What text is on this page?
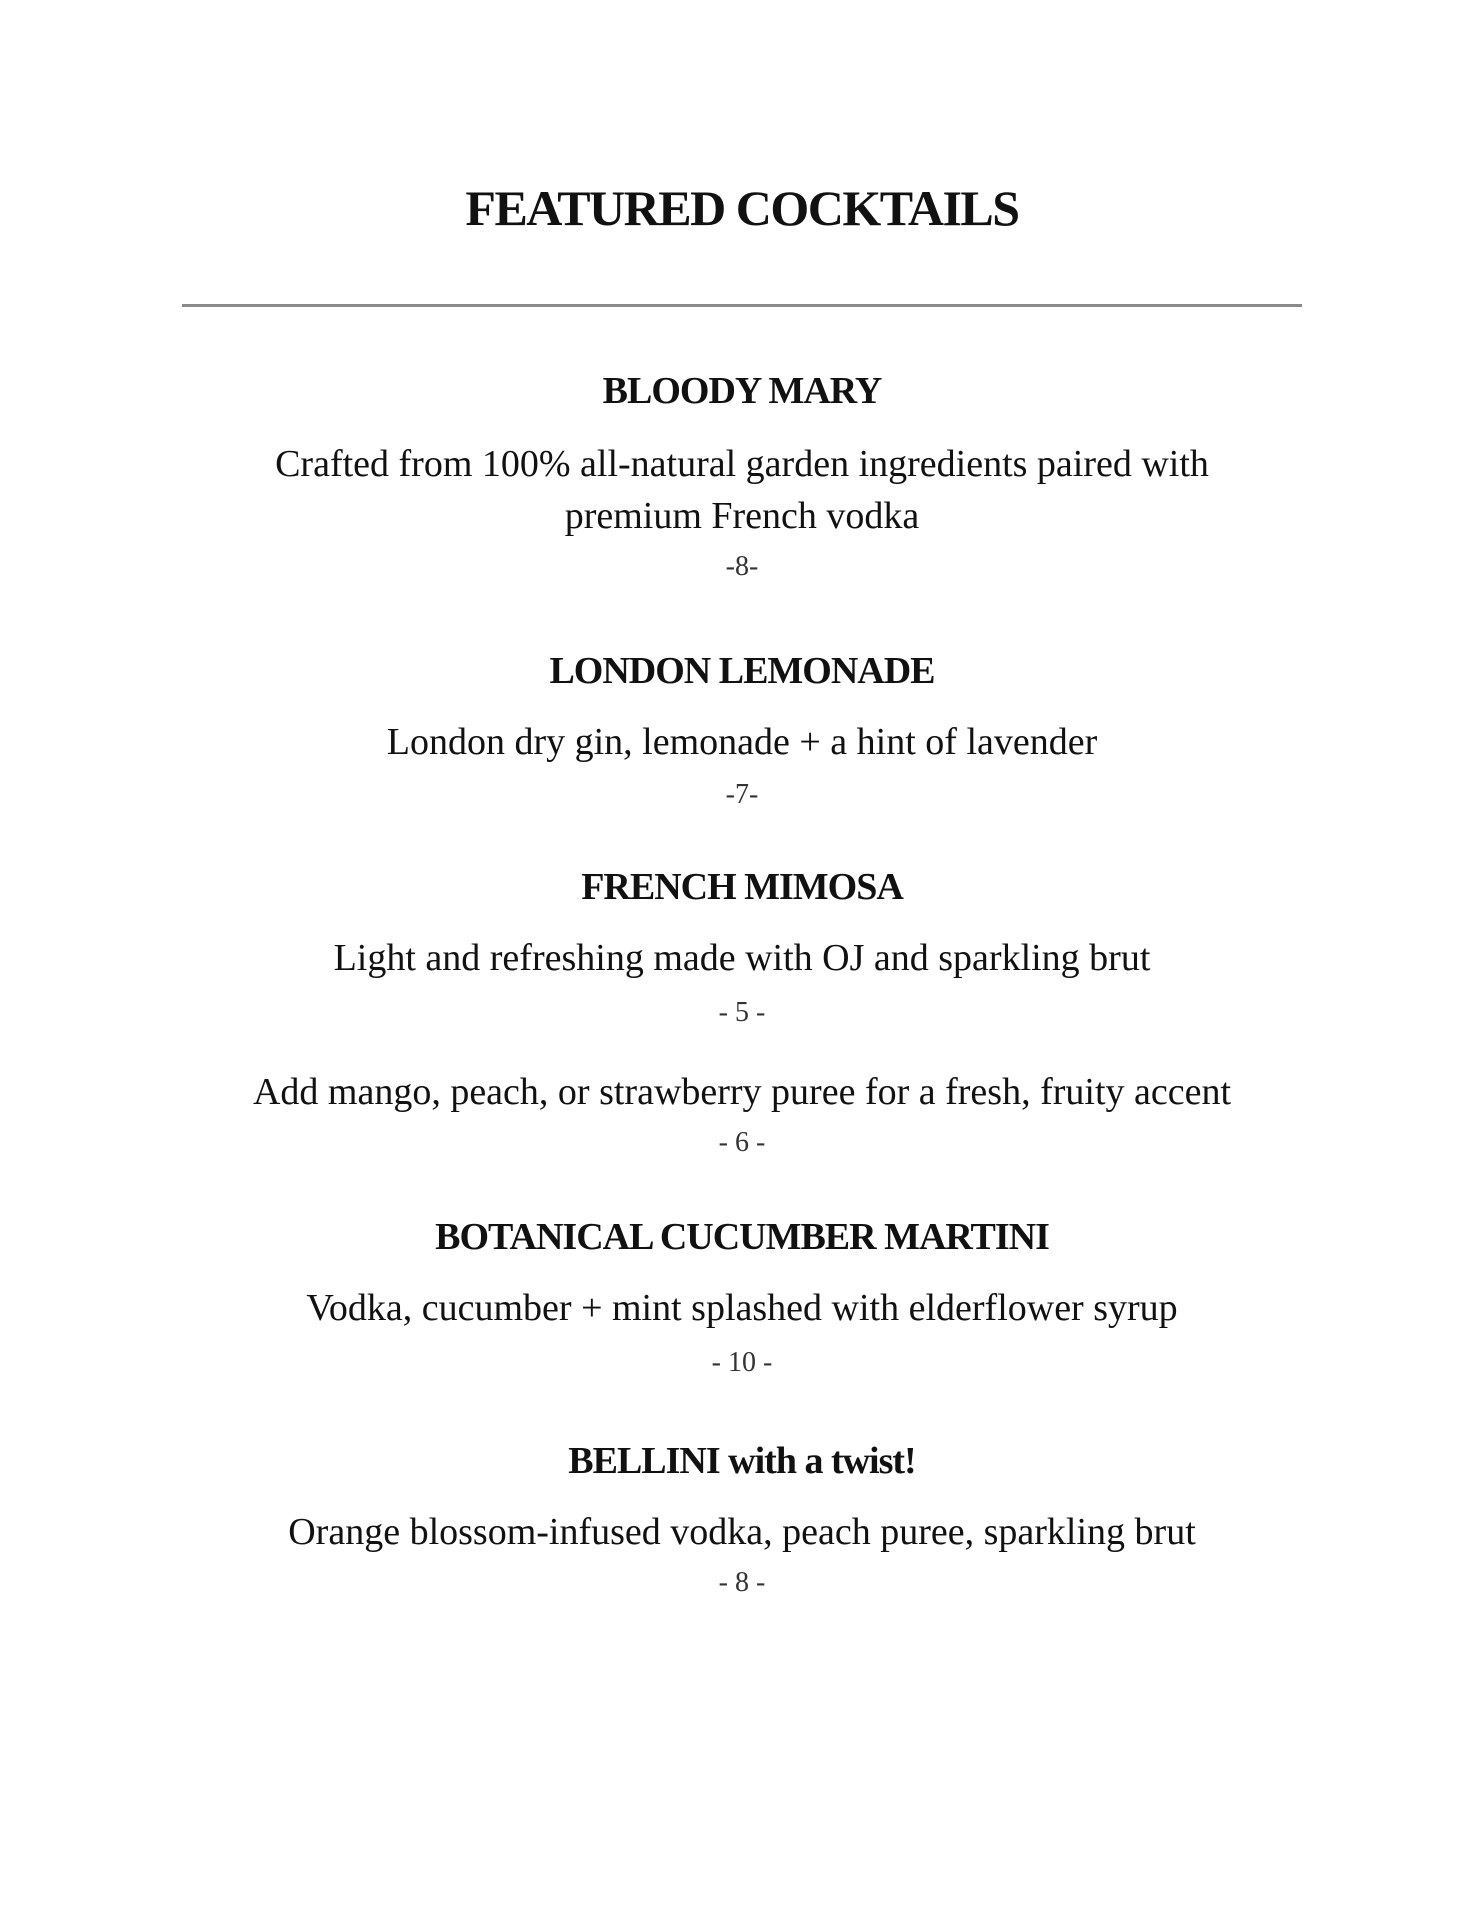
FEATURED COCKTAILS
BLOODY MARY

Crafted from 100% all-natural garden ingredients paired with

premium French vodka

-8-

LONDON LEMONADE

London dry gin, lemonade + a hint of lavender

-7-

FRENCH MIMOSA

Light and refreshing made with OJ and sparkling brut

- 5 -

Add mango, peach, or strawberry puree for a fresh, fruity accent

- 6 -

BOTANICAL CUCUMBER MARTINI

Vodka, cucumber + mint splashed with elderflower syrup

- 10 -

BELLINI with a twist!

Orange blossom-infused vodka, peach puree, sparkling brut

- 8 -
